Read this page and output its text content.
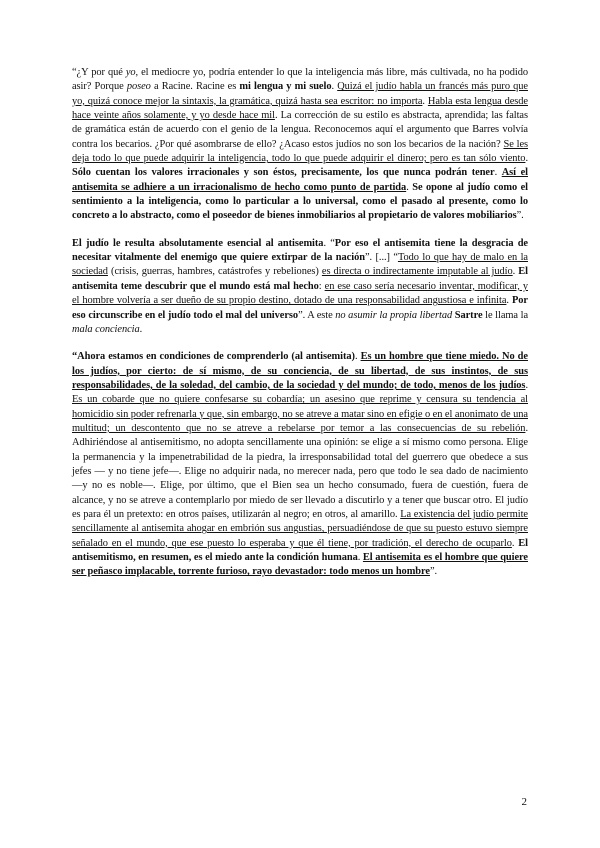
“¿Y por qué yo, el mediocre yo, podría entender lo que la inteligencia más libre, más cultivada, no ha podido asir? Porque poseo a Racine. Racine es mi lengua y mi suelo. Quizá el judío habla un francés más puro que yo, quizá conoce mejor la sintaxis, la gramática, quizá hasta sea escritor: no importa. Habla esta lengua desde hace veinte años solamente, y yo desde hace mil. La corrección de su estilo es abstracta, aprendida; las faltas de gramática están de acuerdo con el genio de la lengua. Reconocemos aquí el argumento que Barres volvía contra los becarios. ¿Por qué asombrarse de ello? ¿Acaso estos judíos no son los becarios de la nación? Se les deja todo lo que puede adquirir la inteligencia, todo lo que puede adquirir el dinero; pero es tan sólo viento. Sólo cuentan los valores irracionales y son éstos, precisamente, los que nunca podrán tener. Así el antisemita se adhiere a un irracionalismo de hecho como punto de partida. Se opone al judío como el sentimiento a la inteligencia, como lo particular a lo universal, como el pasado al presente, como lo concreto a lo abstracto, como el poseedor de bienes inmobiliarios al propietario de valores mobiliarios”.

El judío le resulta absolutamente esencial al antisemita. “Por eso el antisemita tiene la desgracia de necesitar vitalmente del enemigo que quiere extirpar de la nación”. [...] “Todo lo que hay de malo en la sociedad (crisis, guerras, hambres, catástrofes y rebeliones) es directa o indirectamente imputable al judío. El antisemita teme descubrir que el mundo está mal hecho: en ese caso sería necesario inventar, modificar, y el hombre volvería a ser dueño de su propio destino, dotado de una responsabilidad angustiosa e infinita. Por eso circunscribe en el judío todo el mal del universo”. A este no asumir la propia libertad Sartre le llama la mala conciencia.

“Ahora estamos en condiciones de comprenderlo (al antisemita). Es un hombre que tiene miedo. No de los judíos, por cierto: de sí mismo, de su conciencia, de su libertad, de sus instintos, de sus responsabilidades, de la soledad, del cambio, de la sociedad y del mundo; de todo, menos de los judíos. Es un cobarde que no quiere confesarse su cobardía; un asesino que reprime y censura su tendencia al homicidio sin poder refrenarla y que, sin embargo, no se atreve a matar sino en efigie o en el anonimato de una multitud; un descontento que no se atreve a rebelarse por temor a las consecuencias de su rebelión. Adhiriéndose al antisemitismo, no adopta sencillamente una opinión: se elige a sí mismo como persona. Elige la permanencia y la impenetrabilidad de la piedra, la irresponsabilidad total del guerrero que obedece a sus jefes — y no tiene jefe—. Elige no adquirir nada, no merecer nada, pero que todo le sea dado de nacimiento —y no es noble—. Elige, por último, que el Bien sea un hecho consumado, fuera de cuestión, fuera de alcance, y no se atreve a contemplarlo por miedo de ser llevado a discutirlo y a tener que buscar otro. El judío es para él un pretexto: en otros países, utilizarán al negro; en otros, al amarillo. La existencia del judío permite sencillamente al antisemita ahogar en embrión sus angustias, persuadiéndose de que su puesto estuvo siempre señalado en el mundo, que ese puesto lo esperaba y que él tiene, por tradición, el derecho de ocuparlo. El antisemitismo, en resumen, es el miedo ante la condición humana. El antisemita es el hombre que quiere ser peñasco implacable, torrente furioso, rayo devastador: todo menos un hombre”.

2
